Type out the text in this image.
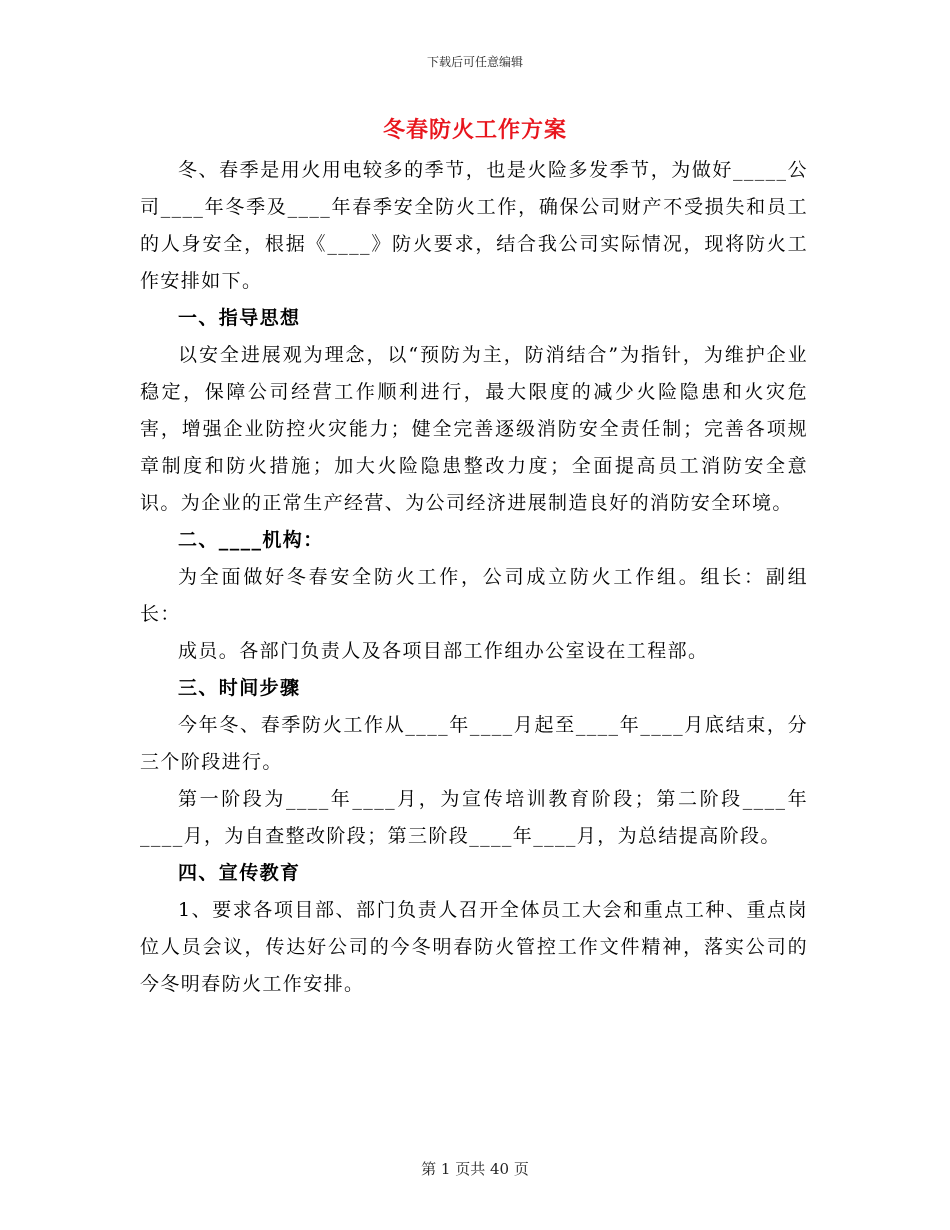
下载后可任意编辑
冬春防火工作方案

冬、春季是用火用电较多的季节，也是火险多发季节，为做好_____公司____年冬季及____年春季安全防火工作，确保公司财产不受损失和员工的人身安全，根据《____》防火要求，结合我公司实际情况，现将防火工作安排如下。

一、指导思想

以安全进展观为理念，以“预防为主，防消结合”为指针，为维护企业稳定，保障公司经营工作顺利进行，最大限度的减少火险隐患和火灾危害，增强企业防控火灾能力；健全完善逐级消防安全责任制；完善各项规章制度和防火措施；加大火险隐患整改力度；全面提高员工消防安全意识。为企业的正常生产经营、为公司经济进展制造良好的消防安全环境。

二、____机构：

为全面做好冬春安全防火工作，公司成立防火工作组。组长：副组长：

成员。各部门负责人及各项目部工作组办公室设在工程部。

三、时间步骤

今年冬、春季防火工作从____年____月起至____年____月底结束，分三个阶段进行。

第一阶段为____年____月，为宣传培训教育阶段；第二阶段____年____月，为自查整改阶段；第三阶段____年____月，为总结提高阶段。

四、宣传教育

1、要求各项目部、部门负责人召开全体员工大会和重点工种、重点岗位人员会议，传达好公司的今冬明春防火管控工作文件精神，落实公司的今冬明春防火工作安排。

第 1 页共 40 页
